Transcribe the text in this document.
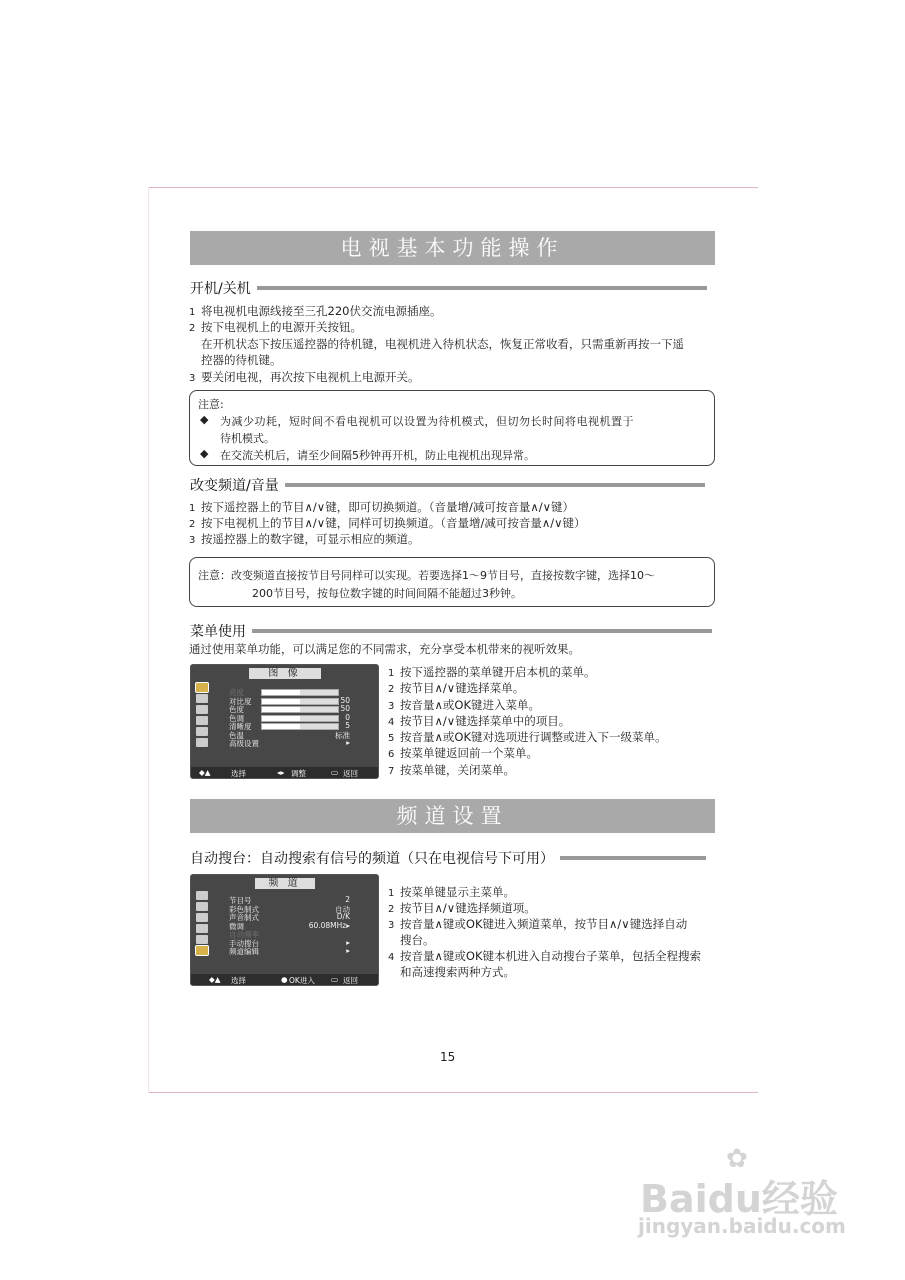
电视基本功能操作
开机/关机
1 将电视机电源线接至三孔220伏交流电源插座。
2 按下电视机上的电源开关按钮。
在开机状态下按压遥控器的待机键，电视机进入待机状态，恢复正常收看，只需重新再按一下遥
控器的待机键。
3 要关闭电视，再次按下电视机上电源开关。
注意:
◆ 为减少功耗，短时间不看电视机可以设置为待机模式，但切勿长时间将电视机置于
待机模式。
◆ 在交流关机后，请至少间隔5秒钟再开机，防止电视机出现异常。
改变频道/音量
1 按下遥控器上的节目∧/∨键，即可切换频道。（音量增/减可按音量∧/∨键）
2 按下电视机上的节目∧/∨键，同样可切换频道。（音量增/减可按音量∧/∨键）
3 按遥控器上的数字键，可显示相应的频道。
注意：改变频道直接按节目号同样可以实现。若要选择1～9节目号，直接按数字键，选择10～
200节目号，按每位数字键的时间间隔不能超过3秒钟。
菜单使用
通过使用菜单功能，可以满足您的不同需求，充分享受本机带来的视听效果。
图 像
亮度
对比度	50
色度	50
色调	0
清晰度	5
色温	标准
高级设置	▸
◆▲	选择	◂▸ 调整	▭ 返回
1 按下遥控器的菜单键开启本机的菜单。
2 按节目∧/∨键选择菜单。
3 按音量∧或OK键进入菜单。
4 按节目∧/∨键选择菜单中的项目。
5 按音量∧或OK键对选项进行调整或进入下一级菜单。
6 按菜单键返回前一个菜单。
7 按菜单键，关闭菜单。
频道设置
自动搜台：自动搜索有信号的频道（只在电视信号下可用）
频 道
节目号	2
彩色制式	自动
声音制式	D/K
微调	60.08MHz▸
自动频率
手动搜台	▸
频道编辑	▸
◆▲ 选择	● OK进入 ▭ 返回
1 按菜单键显示主菜单。
2 按节目∧/∨键选择频道项。
3 按音量∧键或OK键进入频道菜单，按节目∧/∨键选择自动
搜台。
4 按音量∧键或OK键本机进入自动搜台子菜单，包括全程搜索
和高速搜索两种方式。
15
Baidu经验
✿
jingyan.baidu.com
